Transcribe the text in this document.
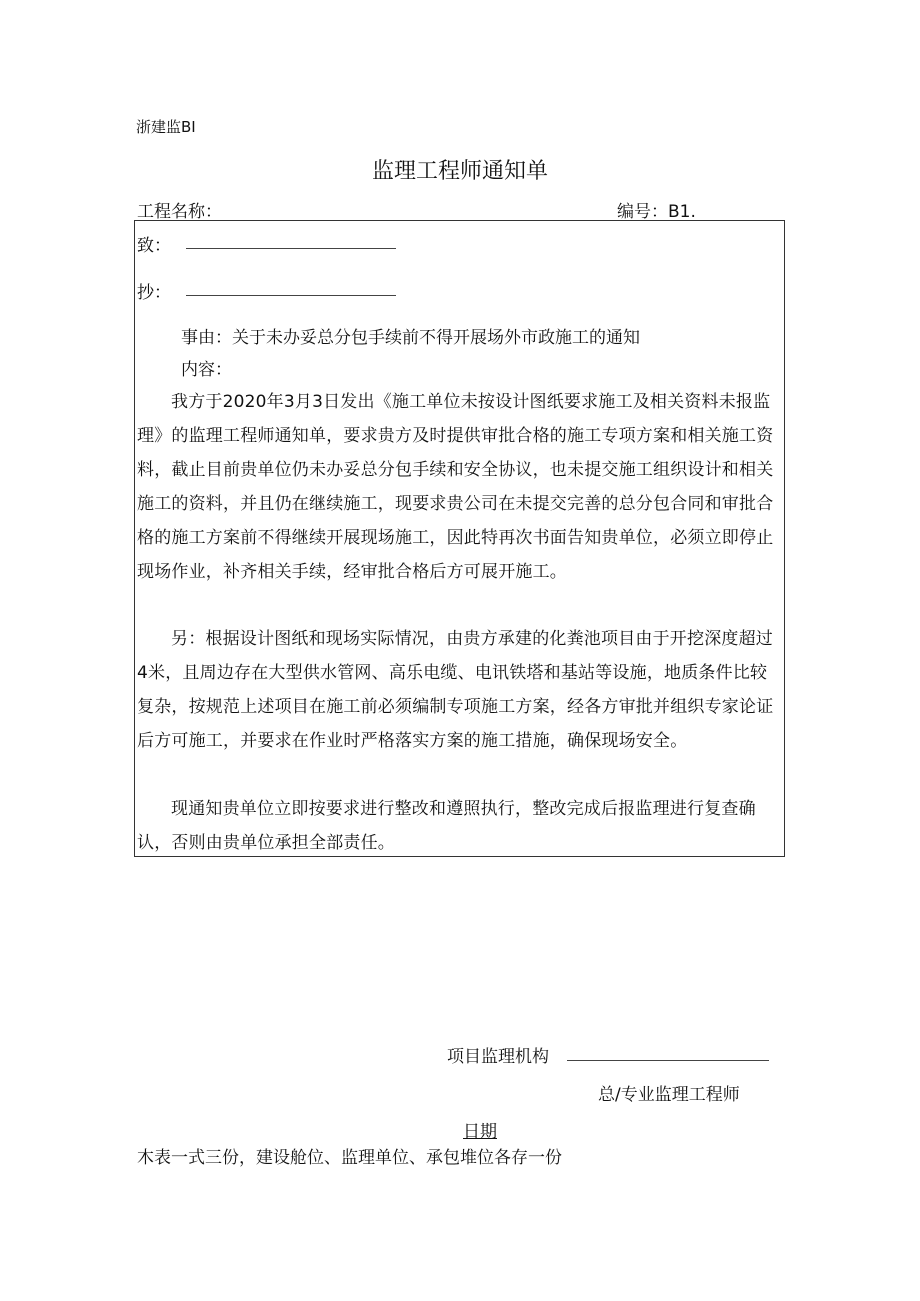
浙建监BI
监理工程师通知单
工程名称：	编号：B1.
致：
抄：
事由：关于未办妥总分包手续前不得开展场外市政施工的通知
内容：

我方于2020年3月3日发出《施工单位未按设计图纸要求施工及相关资料未报监理》的监理工程师通知单，要求贵方及时提供审批合格的施工专项方案和相关施工资料，截止目前贵单位仍未办妥总分包手续和安全协议，也未提交施工组织设计和相关施工的资料，并且仍在继续施工，现要求贵公司在未提交完善的总分包合同和审批合格的施工方案前不得继续开展现场施工，因此特再次书面告知贵单位，必须立即停止现场作业，补齐相关手续，经审批合格后方可展开施工。

另：根据设计图纸和现场实际情况，由贵方承建的化粪池项目由于开挖深度超过4米，且周边存在大型供水管网、高乐电缆、电讯铁塔和基站等设施，地质条件比较复杂，按规范上述项目在施工前必须编制专项施工方案，经各方审批并组织专家论证后方可施工，并要求在作业时严格落实方案的施工措施，确保现场安全。

现通知贵单位立即按要求进行整改和遵照执行，整改完成后报监理进行复查确认，否则由贵单位承担全部责任。

项目监理机构
总/专业监理工程师
日期
木表一式三份，建设舱位、监理单位、承包堆位各存一份
